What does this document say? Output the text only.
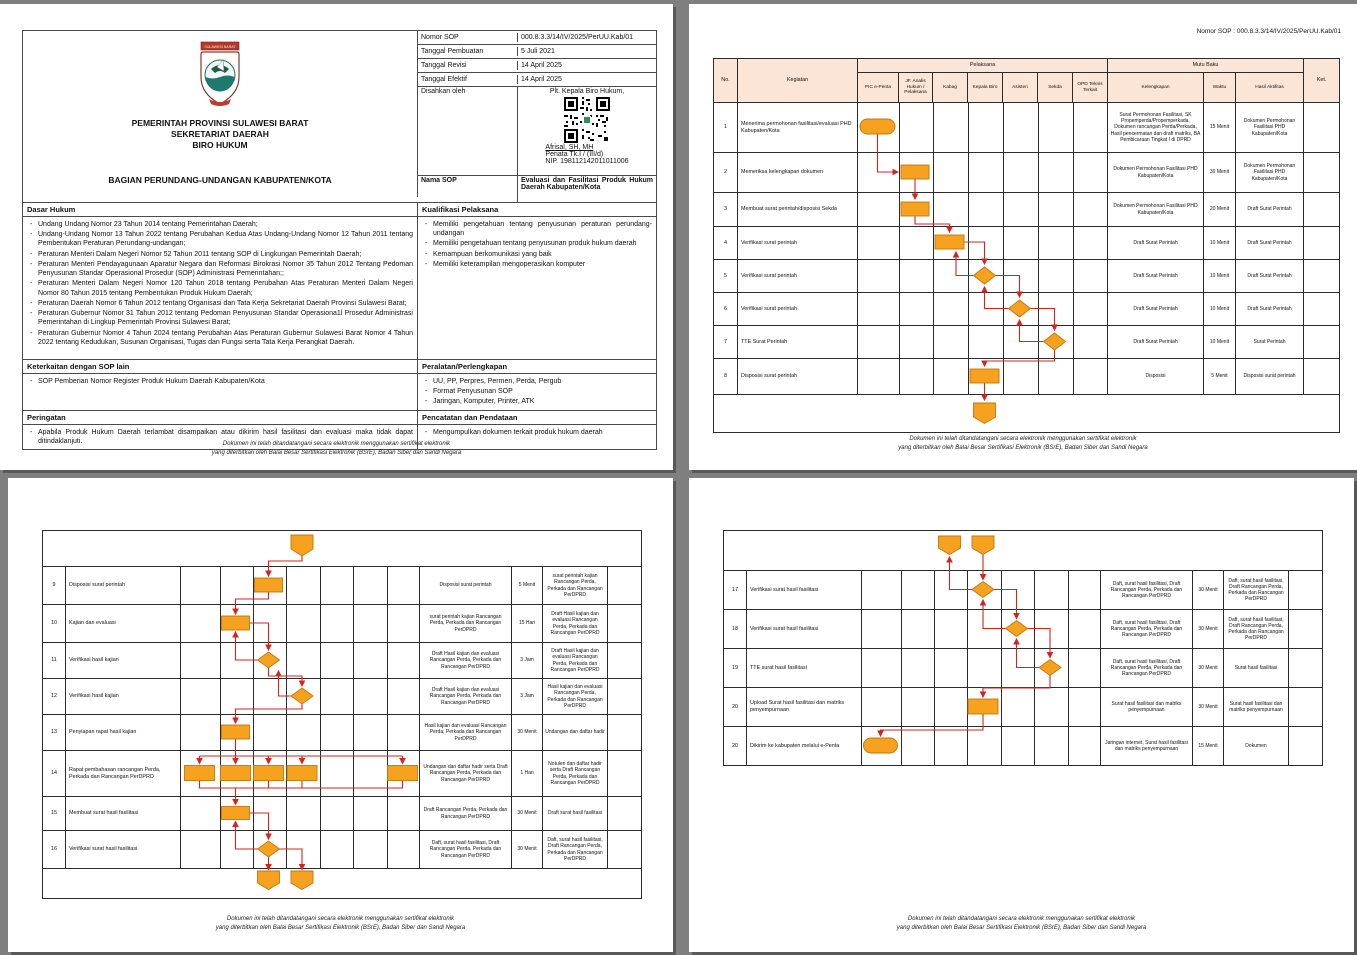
SULAWESI BARAT
PEMERINTAH PROVINSI SULAWESI BARAT
SEKRETARIAT DAERAH
BIRO HUKUM
BAGIAN PERUNDANG-UNDANGAN KABUPATEN/KOTA
Nomor SOP	000.8.3.3/14/IV/2025/PerUU.Kab/01
Tanggal Pembuatan	5 Juli 2021
Tanggal Revisi	14 April 2025
Tanggal Efektif	14 April 2025
Disahkan oleh	Plt. Kepala Biro Hukum,
Afrisal, SH, MH
Penata Tk.I / (III/d)
NIP. 198112142011011006
Nama SOP	Evaluasi dan Fasilitasi Produk Hukum Daerah Kabupaten/Kota
Dasar Hukum	Kualifikasi Pelaksana
- Undang Undang Nomor 23 Tahun 2014 tentang Pemerintahan Daerah;
- Undang-Undang Nomor 13 Tahun 2022 tentang Perubahan Kedua Atas Undang-Undang Nomor 12 Tahun 2011 tentang Pembentukan Peraturan Perundang-undangan;
- Peraturan Menteri Dalam Negeri Nomor 52 Tahun 2011 tentang SOP di Lingkungan Pemerintah Daerah;
- Peraturan Menteri Pendayagunaan Aparatur Negara dan Reformasi Birokrasi Nomor 35 Tahun 2012 Tentang Pedoman Penyusunan Standar Operasional Prosedur (SOP) Administrasi Pemerintahan;;
- Peraturan Menteri Dalam Negeri Nomor 120 Tahun 2018 tentang Perubahan Atas Peraturan Menteri Dalam Negeri Nomor 80 Tahun 2015 tentang Pembentukan Produk Hukum Daerah;
- Peraturan Daerah Nomor 6 Tahun 2012 tentang Organisasi dan Tata Kerja Sekretariat Daerah Provinsi Sulawesi Barat;
- Peraturan Gubernur Nomor 31 Tahun 2012 tentang Pedoman Penyusunan Standar Operasiona1l Prosedur Administrasi Pemerintahan di Lingkup Pemerintah Provinsi Sulawesi Barat;
- Peraturan Gubernur Nomor 4 Tahun 2024 tentang Perubahan Atas Peraturan Gubernur Sulawesi Barat Nomor 4 Tahun 2022 tentang Kedudukan, Susunan Organisasi, Tugas dan Fungsi serta Tata Kerja Perangkat Daerah.
- Memiliki pengetahuan tentang penyusunan peraturan perundang-undangan
- Memiliki pengetahuan tentang penyusunan produk hukum daerah
- Kemampuan berkomunikasi yang baik
- Memiliki keterampilan mengoperasikan komputer
Keterkaitan dengan SOP lain	Peralatan/Perlengkapan
- SOP Pemberian Nomor Register Produk Hukum Daerah Kabupaten/Kota	- UU, PP, Perpres, Permen, Perda, Pergub
- Format Penyusunan SOP
- Jaringan, Komputer, Printer, ATK
Peringatan	Pencatatan dan Pendataan
- Apabila Produk Hukum Daerah terlambat disampaikan atau dikirim hasil fasilitasi dan evaluasi maka tidak dapat ditindaklanjuti.
- Mengumpulkan dokumen terkait produk hukum daerah
Dokumen ini telah ditandatangani secara elektronik menggunakan sertifikat elektronik
yang diterbitkan oleh Balai Besar Sertifikasi Elektronik (BSrE), Badan Siber dan Sandi Negara
Nomor SOP : 000.8.3.3/14/IV/2025/PerUU.Kab/01
No.	Kegiatan	Pelaksana							Mutu Baku			Ket.
		PIC e-Penta	JF. Analis Hukum / Pelaksana	Kabag	Kepala Biro	Asisten	Sekda	OPD Teknis Terkait	Kelengkapan	Waktu	Hasil Aktifitas	
1	Menerima permohonan fasilitasi/evaluasi PHD Kabupaten/Kota								Surat Permohonan Fasilitasi, SK Propemperda/Propemperkada, Dokumen rancangan Perda/Perkada, Hasil pencermatan dan draft matriks, BA Pembicaraan Tingkat I di DPRD	15 Menit	Dokumen Permohonan Fasilitasi PHD Kabupaten/Kota	
2	Memeriksa kelengkapan dokumen								Dokumen Permohonan Fasilitasi PHD Kabupaten/Kota	30 Menit	Dokumen Permohonan Fasilitasi PHD Kabupaten/Kota	
3	Membuat surat perintah/disposisi Sekda								Dokumen Permohonan Fasilitasi PHD Kabupaten/Kota	20 Menit	Draft Surat Perintah	
4	Verifikasi surat perintah								Draft Surat Perintah	10 Menit	Draft Surat Perintah	
5	Verifikasi surat perintah								Draft Surat Perintah	10 Menit	Draft Surat Perintah	
6	Verifikasi surat perintah								Draft Surat Perintah	10 Menit	Draft Surat Perintah	
7	TTE Surat Perintah								Draft Surat Perintah	10 Menit	Surat Perintah	
8	Disposisi surat perintah								Disposisi	5 Menit	Disposisi surat perintah	

Dokumen ini telah ditandatangani secara elektronik menggunakan sertifikat elektronik
yang diterbitkan oleh Balai Besar Sertifikasi Elektronik (BSrE), Badan Siber dan Sandi Negara

9	Disposisi surat perintah		Disposisi surat perintah	5 Menit	surat perintah kajian Rancangan Perda, Perkada dan Rancangan PerDPRD	
10	Kajian dan evaluasi		surat perintah kajian Rancangan Perda, Perkada dan Rancangan PerDPRD	15 Hari	Draft Hasil kajian dan evaluasi Rancangan Perda, Perkada dan Rancangan PerDPRD	
11	Verifikasi hasil kajian		Draft Hasil kajian dan evaluasi Rancangan Perda, Perkada dan Rancangan PerDPRD	3 Jam	Draft Hasil kajian dan evaluasi Rancangan Perda, Perkada dan Rancangan PerDPRD	
12	Verifikasi hasil kajian		Draft Hasil kajian dan evaluasi Rancangan Perda, Perkada dan Rancangan PerDPRD	3 Jam	Hasil kajian dan evaluasi Rancangan Perda, Perkada dan Rancangan PerDPRD	
13	Penyiapan rapat hasil kajian		Hasil kajian dan evaluasi Rancangan Perda, Perkada dan Rancangan PerDPRD	30 Menit	Undangan dan daftar hadir	
14	Rapat pembahasan rancangan Perda, Perkada dan Rancangan PerDPRD		Undangan dan daftar hadir serta Draft Rancangan Perda, Perkada dan Rancangan PerDPRD	1 Hari	Notulen dan daftar hadir serta Draft Rancangan Perda, Perkada dan Rancangan PerDPRD	
15	Membuat surat hasil fasilitasi		Draft Rancangan Perda, Perkada dan Rancangan PerDPRD	30 Menit	Draft surat hasil fasilitasi	
16	Verifikasi surat hasil fasilitasi		Daft, surat hasil fasilitasi, Draft Rancangan Perda, Perkada dan Rancangan PerDPRD	30 Menit	Daft, surat hasil fasilitasi, Draft Rancangan Perda, Perkada dan Rancangan PerDPRD	

Dokumen ini telah ditandatangani secara elektronik menggunakan sertifikat elektronik
yang diterbitkan oleh Balai Besar Sertifikasi Elektronik (BSrE), Badan Siber dan Sandi Negara

17	Verifikasi surat hasil fasilitasi		Daft, surat hasil fasilitasi, Draft Rancangan Perda, Perkada dan Rancangan PerDPRD	30 Menit	Daft, surat hasil fasilitasi, Draft Rancangan Perda, Perkada dan Rancangan PerDPRD	
18	Verifikasi surat hasil fasilitasi		Daft, surat hasil fasilitasi, Draft Rancangan Perda, Perkada dan Rancangan PerDPRD	30 Menit	Daft, surat hasil fasilitasi, Draft Rancangan Perda, Perkada dan Rancangan PerDPRD	
19	TTE surat hasil fasilitasi		Daft, surat hasil fasilitasi, Draft Rancangan Perda, Perkada dan Rancangan PerDPRD	30 Menit	Surat hasil fasilitasi	
20	Upload Surat hasil fasilitasi dan matriks penyempurnaan		Surat hasil fasilitasi dan matriks penyempurnaan	30 Menit	Surat hasil fasilitasi dan matriks penyempurnaan	
20	Dikirim ke kabupaten melalui e-Penta		Jaringan internet, Surat hasil fasilitasi dan matriks penyempurnaan	15 Menit	Dokumen	
Dokumen ini telah ditandatangani secara elektronik menggunakan sertifikat elektronik
yang diterbitkan oleh Balai Besar Sertifikasi Elektronik (BSrE), Badan Siber dan Sandi Negara
